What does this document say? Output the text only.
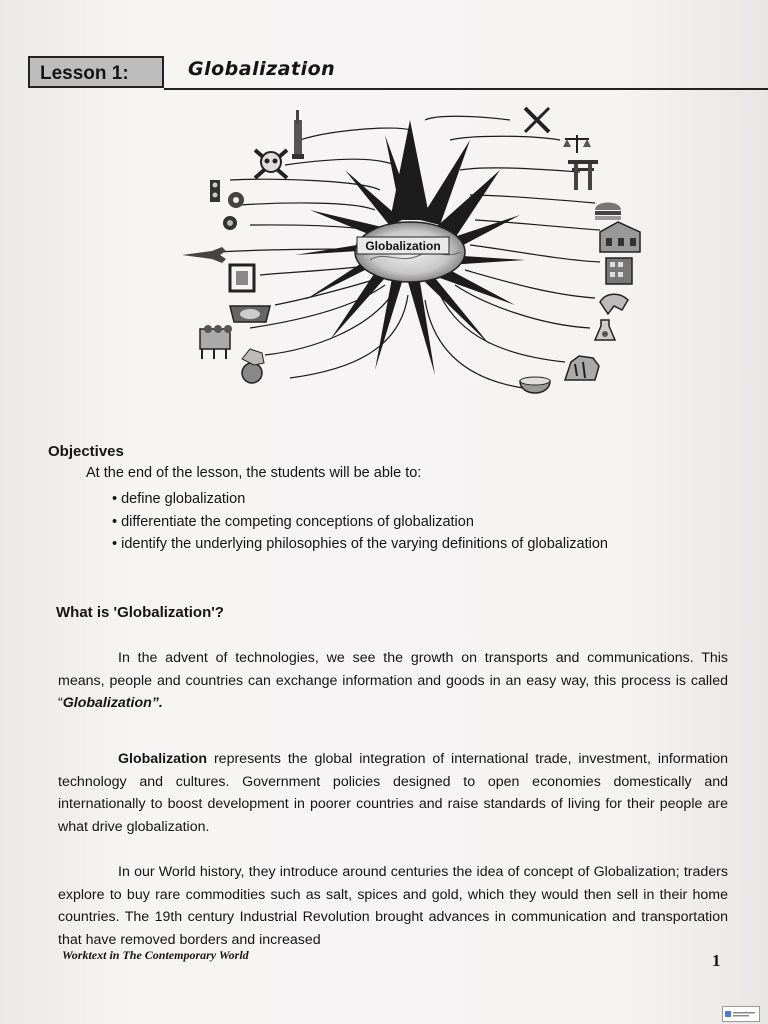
Lesson 1:	Globalization
Globalization
Objectives
At the end of the lesson, the students will be able to:
• define globalization
• differentiate the competing conceptions of globalization
• identify the underlying philosophies of the varying definitions of globalization
What is 'Globalization'?

In the advent of technologies, we see the growth on transports and communications. This means, people and countries can exchange information and goods in an easy way, this process is called “Globalization”.

Globalization represents the global integration of international trade, investment, information technology and cultures. Government policies designed to open economies domestically and internationally to boost development in poorer countries and raise standards of living for their people are what drive globalization.

In our World history, they introduce around centuries the idea of concept of Globalization; traders explore to buy rare commodities such as salt, spices and gold, which they would then sell in their home countries. The 19th century Industrial Revolution brought advances in communication and transportation that have removed borders and increased

Worktext in The Contemporary World	1
